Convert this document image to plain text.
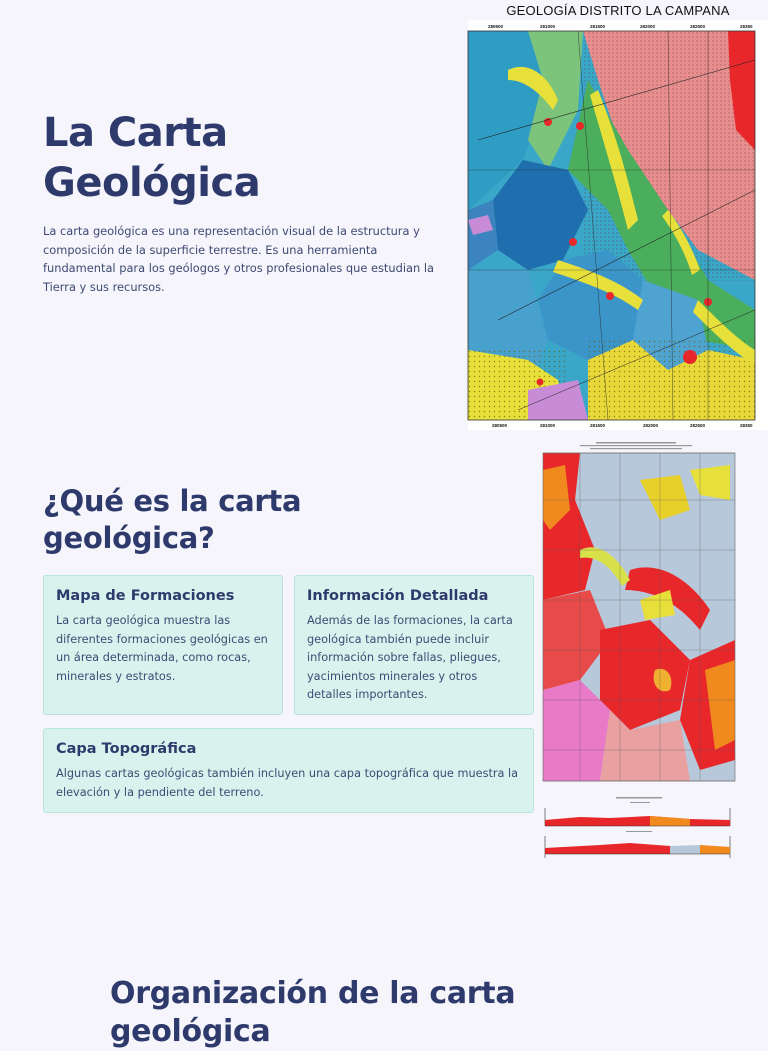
La Carta
Geológica

La carta geológica es una representación visual de la estructura y composición de la superficie terrestre. Es una herramienta fundamental para los geólogos y otros profesionales que estudian la Tierra y sus recursos.

GEOLOGÍA DISTRITO LA CAMPANA
280500	281000	281500	282000	282500	28350
280500	281000	281500	282000	282500	28350
¿Qué es la carta
geológica?
Mapa de Formaciones
La carta geológica muestra las diferentes formaciones geológicas en un área determinada, como rocas, minerales y estratos.
Información Detallada
Además de las formaciones, la carta geológica también puede incluir información sobre fallas, pliegues, yacimientos minerales y otros detalles importantes.
Capa Topográfica
Algunas cartas geológicas también incluyen una capa topográfica que muestra la elevación y la pendiente del terreno.
Organización de la carta
geológica
